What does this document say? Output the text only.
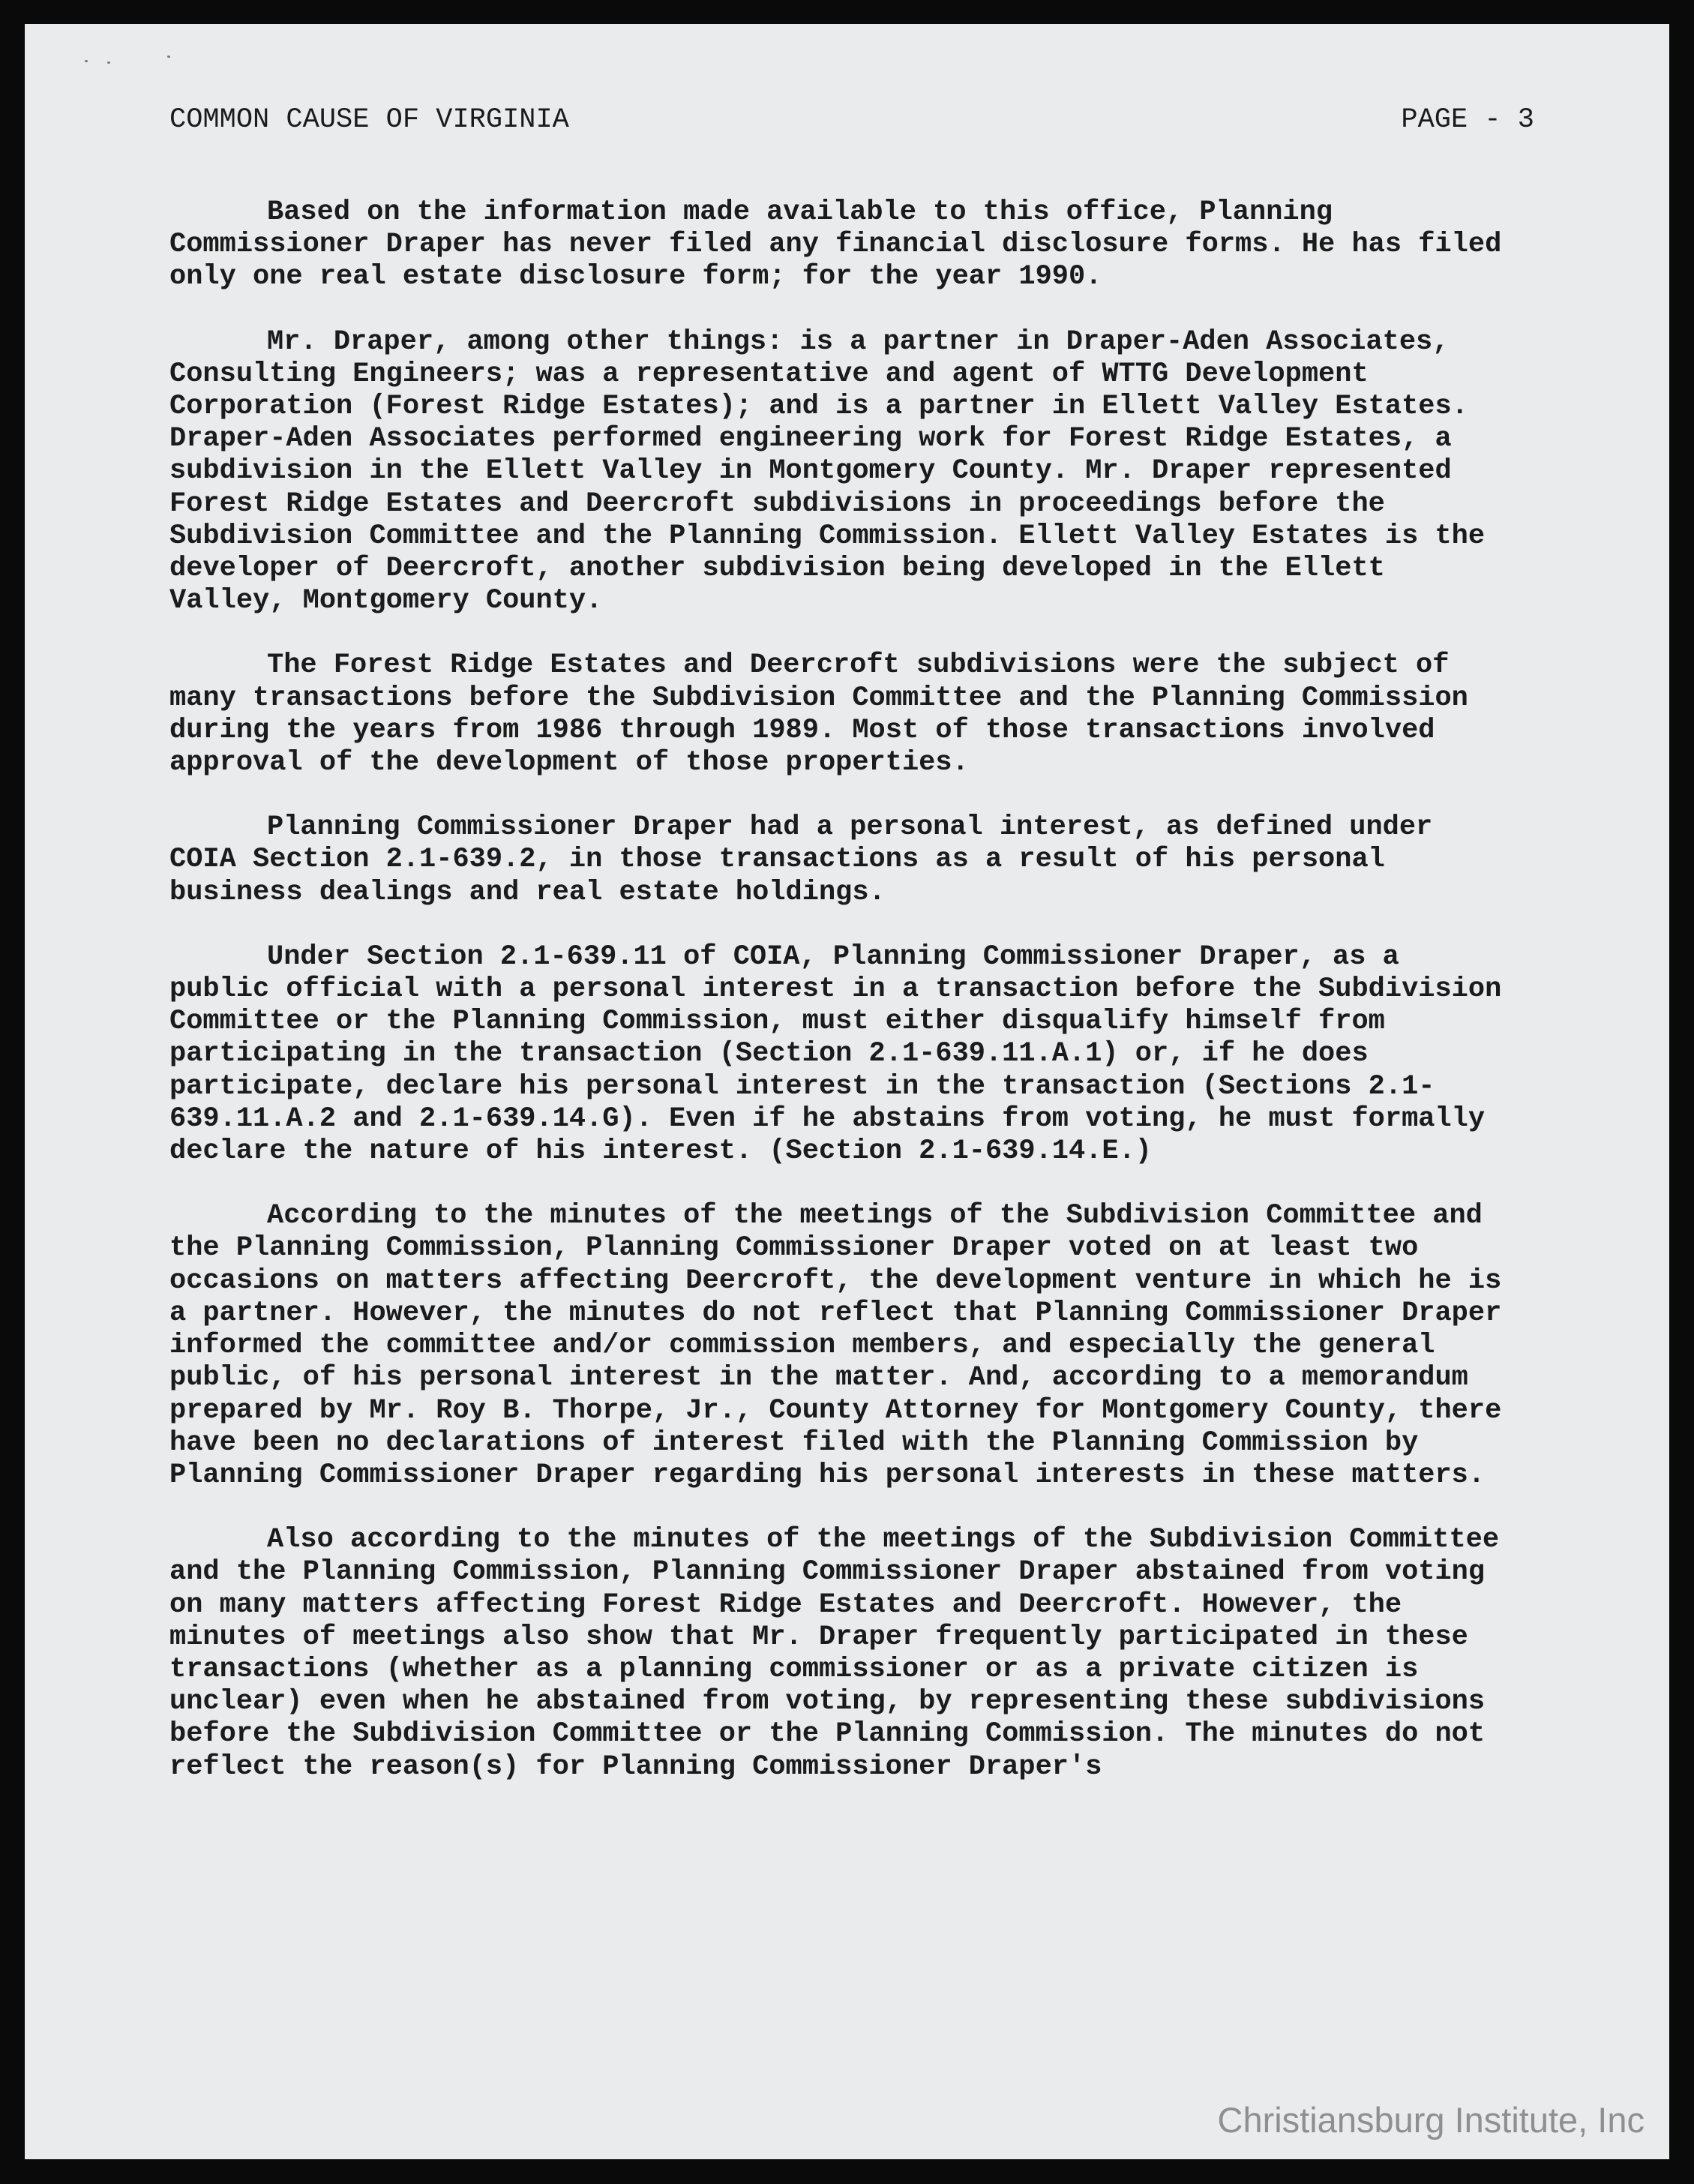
COMMON CAUSE OF VIRGINIA	PAGE - 3

Based on the information made available to this office, Planning Commissioner Draper has never filed any financial disclosure forms. He has filed only one real estate disclosure form; for the year 1990.

Mr. Draper, among other things: is a partner in Draper-Aden Associates, Consulting Engineers; was a representative and agent of WTTG Development Corporation (Forest Ridge Estates); and is a partner in Ellett Valley Estates. Draper-Aden Associates performed engineering work for Forest Ridge Estates, a subdivision in the Ellett Valley in Montgomery County. Mr. Draper represented Forest Ridge Estates and Deercroft subdivisions in proceedings before the Subdivision Committee and the Planning Commission. Ellett Valley Estates is the developer of Deercroft, another subdivision being developed in the Ellett Valley, Montgomery County.

The Forest Ridge Estates and Deercroft subdivisions were the subject of many transactions before the Subdivision Committee and the Planning Commission during the years from 1986 through 1989. Most of those transactions involved approval of the development of those properties.

Planning Commissioner Draper had a personal interest, as defined under COIA Section 2.1-639.2, in those transactions as a result of his personal business dealings and real estate holdings.

Under Section 2.1-639.11 of COIA, Planning Commissioner Draper, as a public official with a personal interest in a transaction before the Subdivision Committee or the Planning Commission, must either disqualify himself from participating in the transaction (Section 2.1-639.11.A.1) or, if he does participate, declare his personal interest in the transaction (Sections 2.1-639.11.A.2 and 2.1-639.14.G). Even if he abstains from voting, he must formally declare the nature of his interest. (Section 2.1-639.14.E.)

According to the minutes of the meetings of the Subdivision Committee and the Planning Commission, Planning Commissioner Draper voted on at least two occasions on matters affecting Deercroft, the development venture in which he is a partner. However, the minutes do not reflect that Planning Commissioner Draper informed the committee and/or commission members, and especially the general public, of his personal interest in the matter. And, according to a memorandum prepared by Mr. Roy B. Thorpe, Jr., County Attorney for Montgomery County, there have been no declarations of interest filed with the Planning Commission by Planning Commissioner Draper regarding his personal interests in these matters.

Also according to the minutes of the meetings of the Subdivision Committee and the Planning Commission, Planning Commissioner Draper abstained from voting on many matters affecting Forest Ridge Estates and Deercroft. However, the minutes of meetings also show that Mr. Draper frequently participated in these transactions (whether as a planning commissioner or as a private citizen is unclear) even when he abstained from voting, by representing these subdivisions before the Subdivision Committee or the Planning Commission. The minutes do not reflect the reason(s) for Planning Commissioner Draper's

Christiansburg Institute, Inc
